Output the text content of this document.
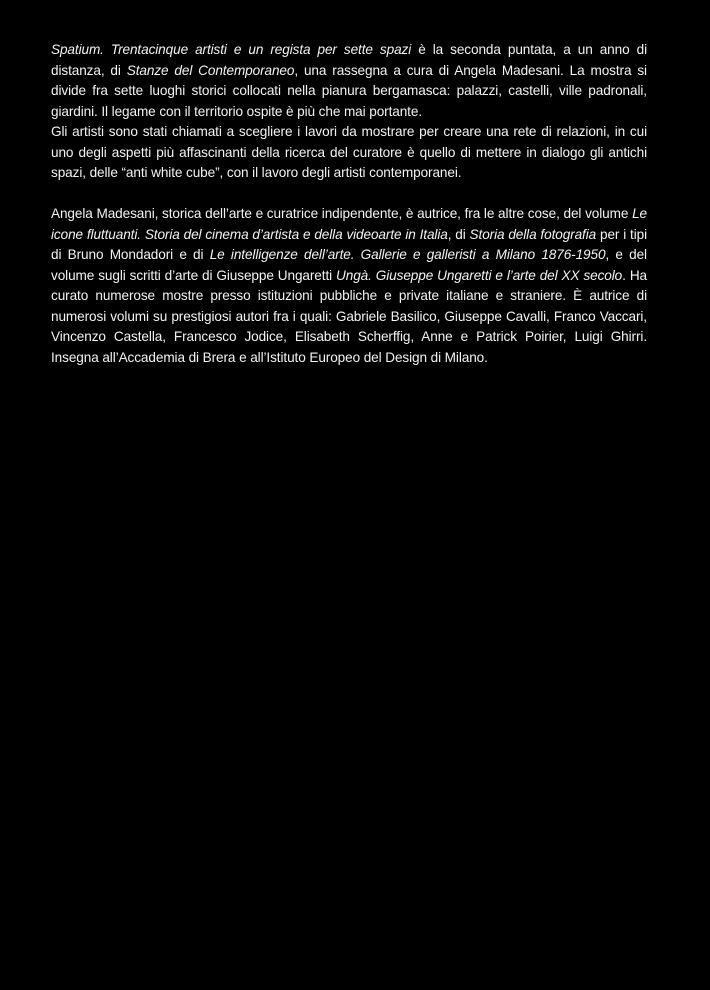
Spatium. Trentacinque artisti e un regista per sette spazi è la seconda puntata, a un anno di distanza, di Stanze del Contemporaneo, una rassegna a cura di Angela Madesani. La mostra si divide fra sette luoghi storici collocati nella pianura bergamasca: palazzi, castelli, ville padronali, giardini. Il legame con il territorio ospite è più che mai portante.

Gli artisti sono stati chiamati a scegliere i lavori da mostrare per creare una rete di relazioni, in cui uno degli aspetti più affascinanti della ricerca del curatore è quello di mettere in dialogo gli antichi spazi, delle “anti white cube”, con il lavoro degli artisti contemporanei.

Angela Madesani, storica dell’arte e curatrice indipendente, è autrice, fra le altre cose, del volume Le icone fluttuanti. Storia del cinema d’artista e della videoarte in Italia, di Storia della fotografia per i tipi di Bruno Mondadori e di Le intelligenze dell’arte. Gallerie e galleristi a Milano 1876-1950, e del volume sugli scritti d’arte di Giuseppe Ungaretti Ungà. Giuseppe Ungaretti e l’arte del XX secolo. Ha curato numerose mostre presso istituzioni pubbliche e private italiane e straniere. È autrice di numerosi volumi su prestigiosi autori fra i quali: Gabriele Basilico, Giuseppe Cavalli, Franco Vaccari, Vincenzo Castella, Francesco Jodice, Elisabeth Scherffig, Anne e Patrick Poirier, Luigi Ghirri. Insegna all’Accademia di Brera e all’Istituto Europeo del Design di Milano.
